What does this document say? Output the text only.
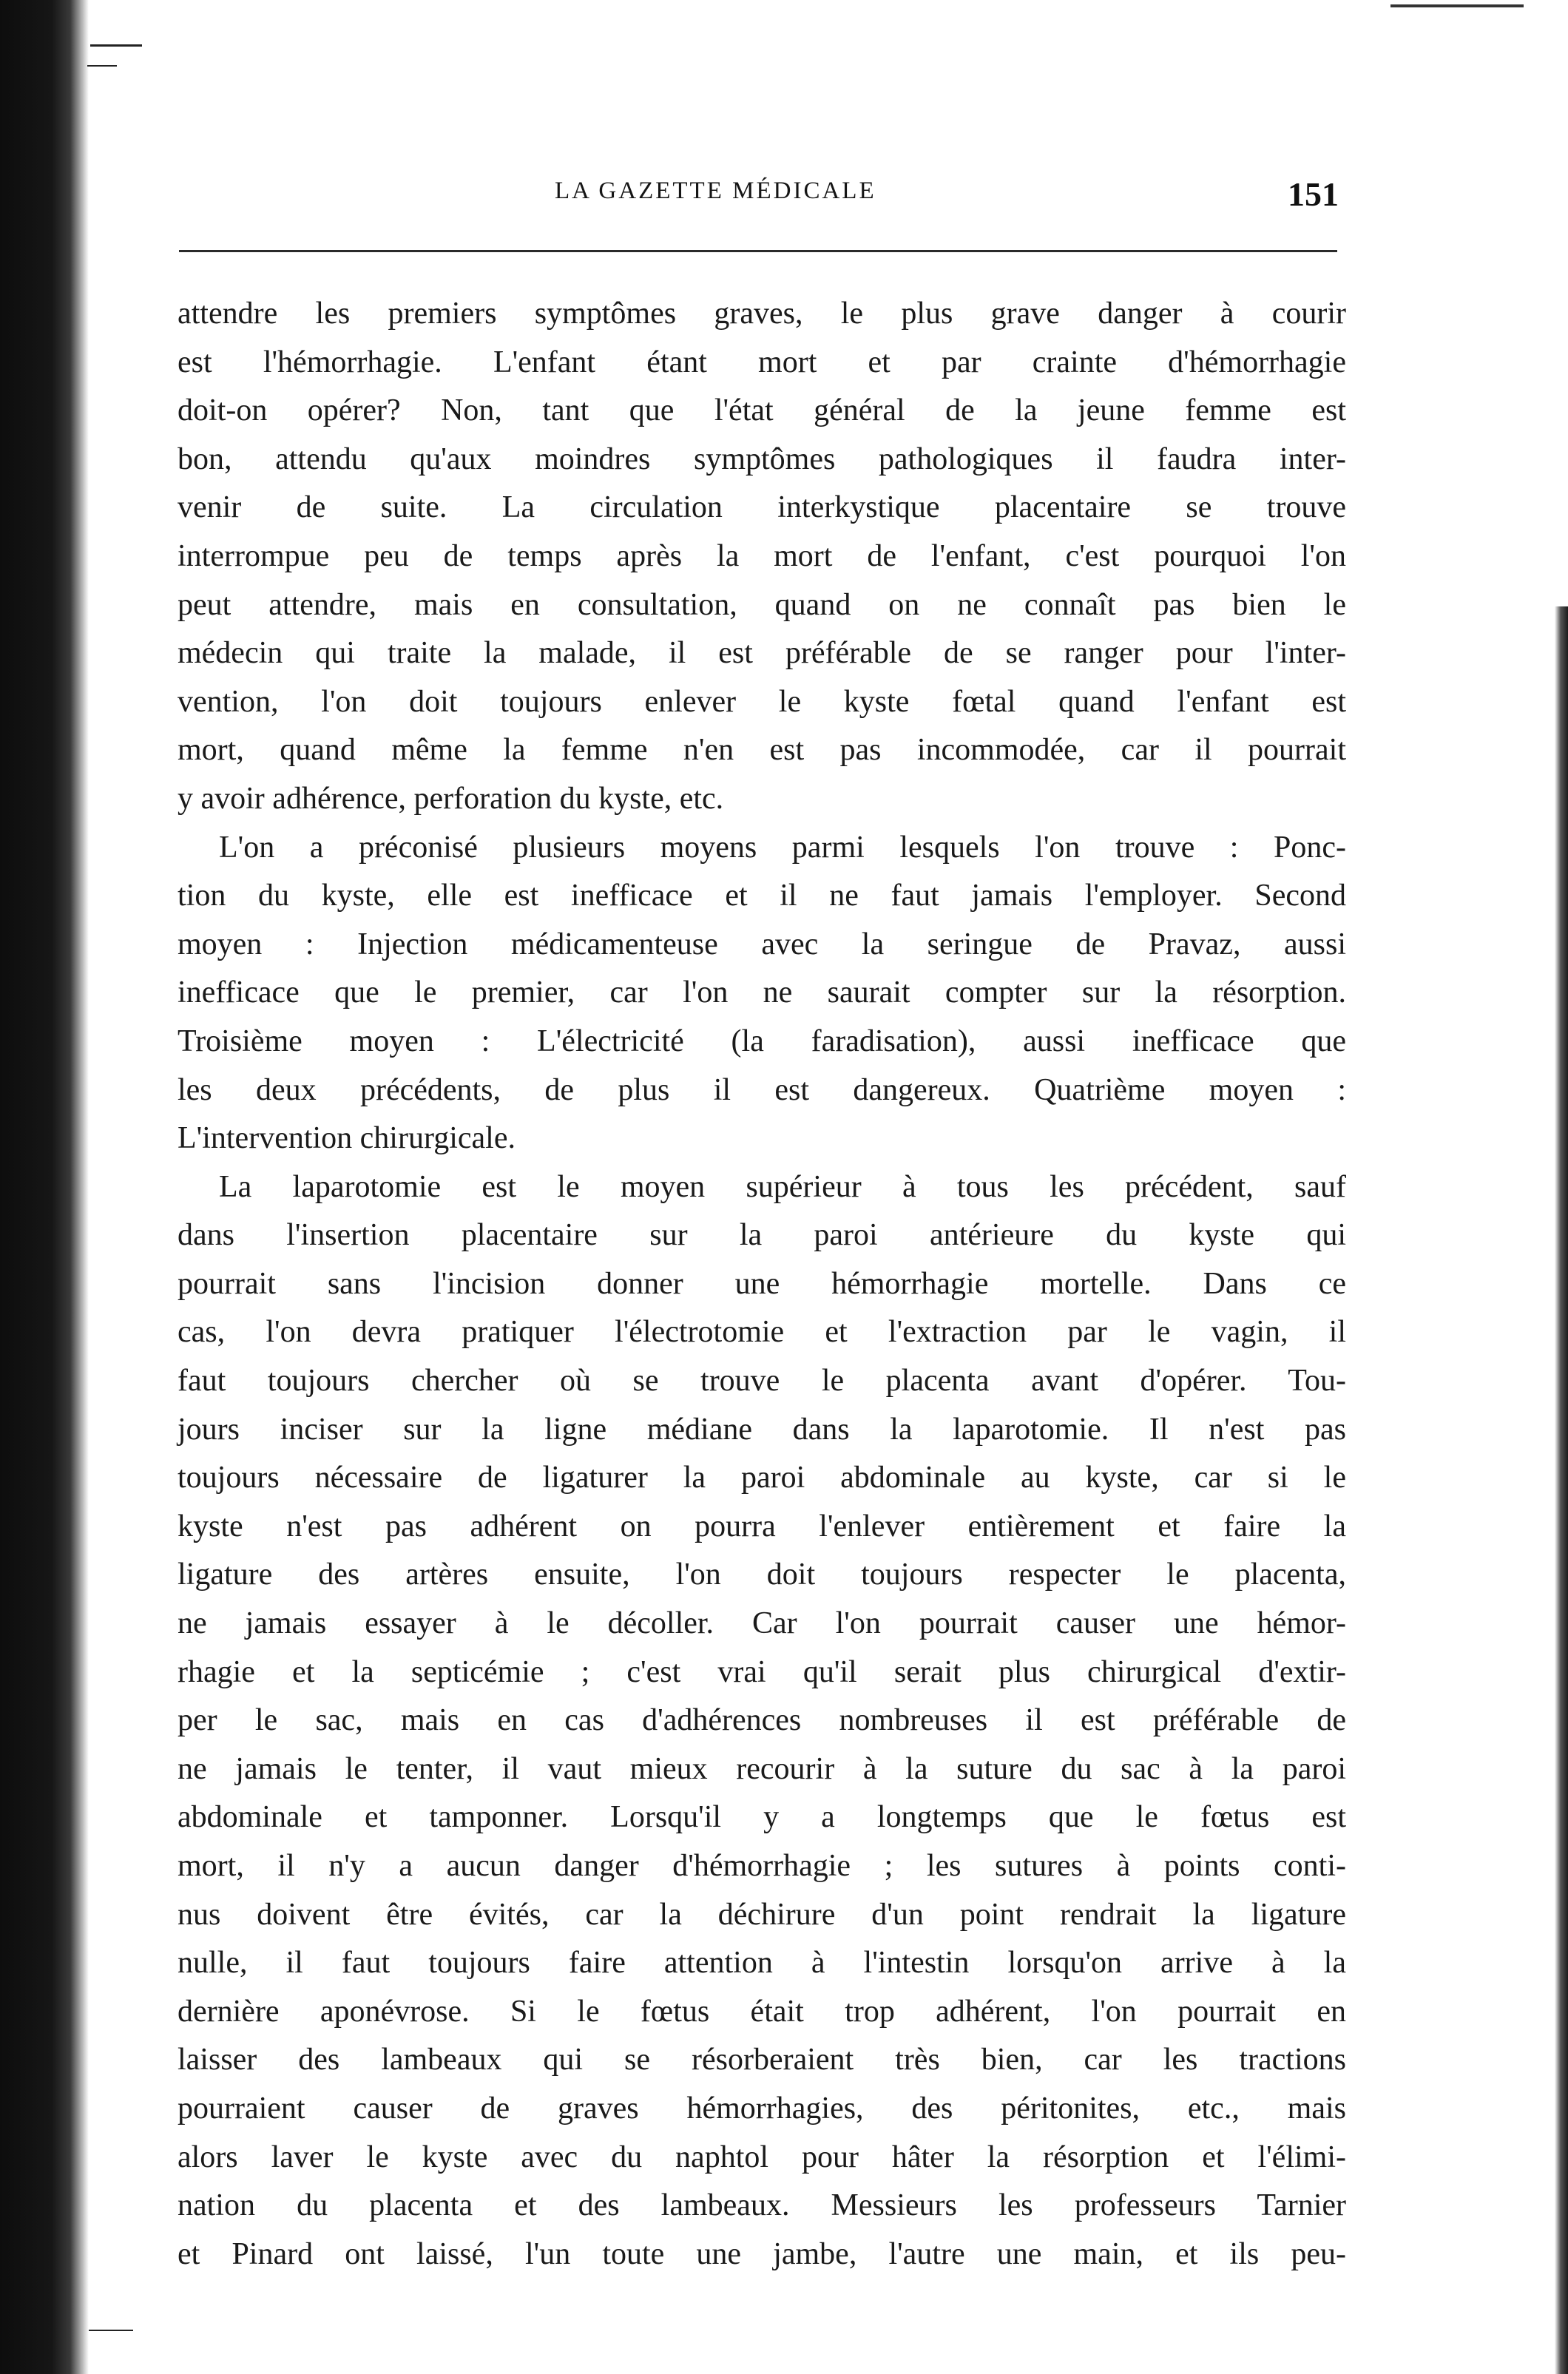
LA GAZETTE MÉDICALE	151
attendre les premiers symptômes graves, le plus grave danger à courir
est l'hémorrhagie. L'enfant étant mort et par crainte d'hémorrhagie
doit-on opérer? Non, tant que l'état général de la jeune femme est
bon, attendu qu'aux moindres symptômes pathologiques il faudra inter-
venir de suite. La circulation interkystique placentaire se trouve
interrompue peu de temps après la mort de l'enfant, c'est pourquoi l'on
peut attendre, mais en consultation, quand on ne connaît pas bien le
médecin qui traite la malade, il est préférable de se ranger pour l'inter-
vention, l'on doit toujours enlever le kyste fœtal quand l'enfant est
mort, quand même la femme n'en est pas incommodée, car il pourrait
y avoir adhérence, perforation du kyste, etc.
L'on a préconisé plusieurs moyens parmi lesquels l'on trouve : Ponc-
tion du kyste, elle est inefficace et il ne faut jamais l'employer. Second
moyen : Injection médicamenteuse avec la seringue de Pravaz, aussi
inefficace que le premier, car l'on ne saurait compter sur la résorption.
Troisième moyen : L'électricité (la faradisation), aussi inefficace que
les deux précédents, de plus il est dangereux. Quatrième moyen :
L'intervention chirurgicale.
La laparotomie est le moyen supérieur à tous les précédent, sauf
dans l'insertion placentaire sur la paroi antérieure du kyste qui
pourrait sans l'incision donner une hémorrhagie mortelle. Dans ce
cas, l'on devra pratiquer l'électrotomie et l'extraction par le vagin, il
faut toujours chercher où se trouve le placenta avant d'opérer. Tou-
jours inciser sur la ligne médiane dans la laparotomie. Il n'est pas
toujours nécessaire de ligaturer la paroi abdominale au kyste, car si le
kyste n'est pas adhérent on pourra l'enlever entièrement et faire la
ligature des artères ensuite, l'on doit toujours respecter le placenta,
ne jamais essayer à le décoller. Car l'on pourrait causer une hémor-
rhagie et la septicémie ; c'est vrai qu'il serait plus chirurgical d'extir-
per le sac, mais en cas d'adhérences nombreuses il est préférable de
ne jamais le tenter, il vaut mieux recourir à la suture du sac à la paroi
abdominale et tamponner. Lorsqu'il y a longtemps que le fœtus est
mort, il n'y a aucun danger d'hémorrhagie ; les sutures à points conti-
nus doivent être évités, car la déchirure d'un point rendrait la ligature
nulle, il faut toujours faire attention à l'intestin lorsqu'on arrive à la
dernière aponévrose. Si le fœtus était trop adhérent, l'on pourrait en
laisser des lambeaux qui se résorberaient très bien, car les tractions
pourraient causer de graves hémorrhagies, des péritonites, etc., mais
alors laver le kyste avec du naphtol pour hâter la résorption et l'élimi-
nation du placenta et des lambeaux. Messieurs les professeurs Tarnier
et Pinard ont laissé, l'un toute une jambe, l'autre une main, et ils peu-
